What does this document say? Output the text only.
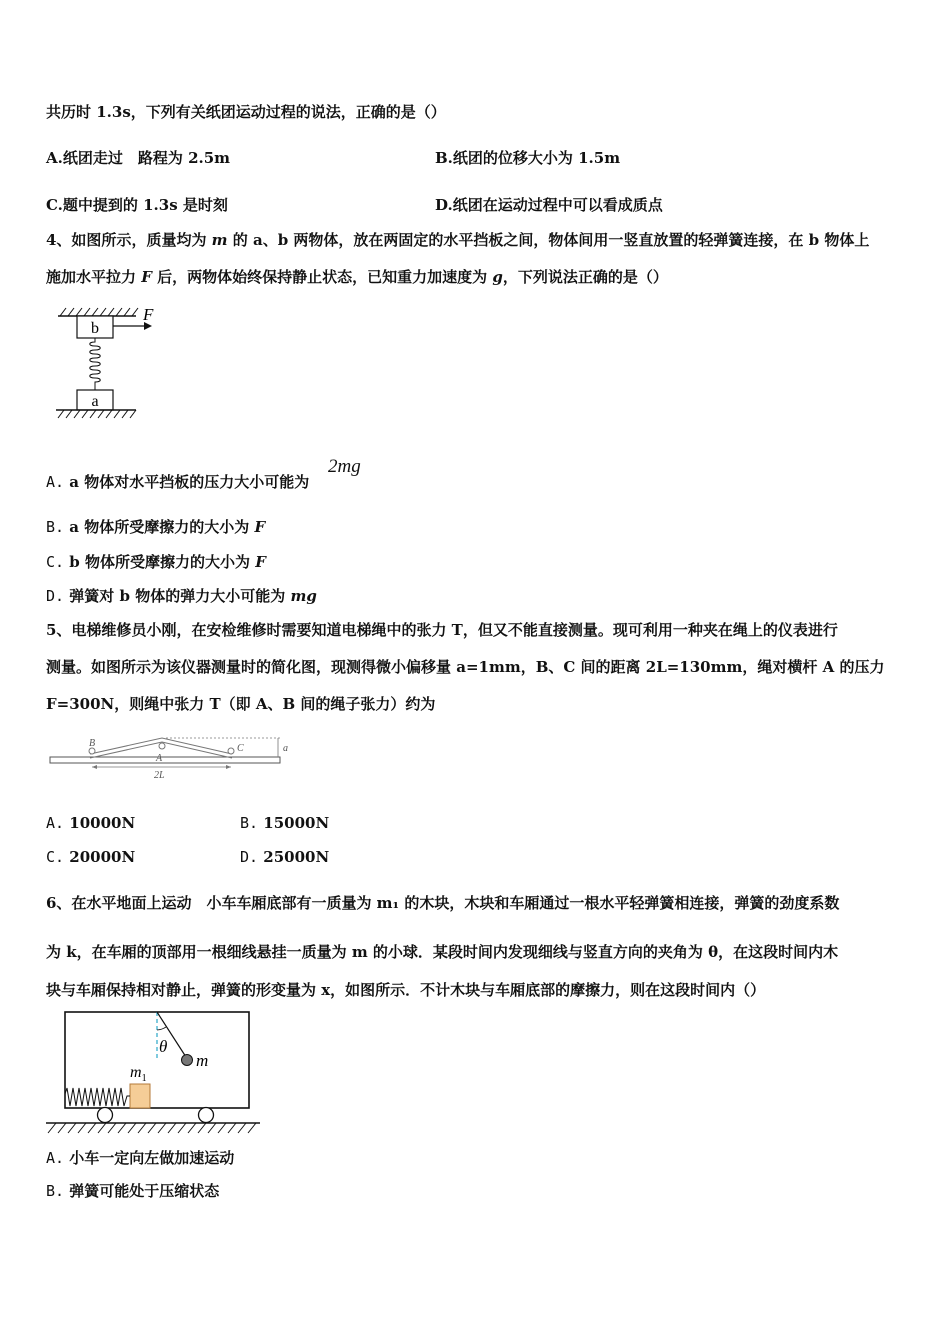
共历时 1.3s，下列有关纸团运动过程的说法，正确的是（）
A.纸团走过　路程为 2.5m	B.纸团的位移大小为 1.5m
C.题中提到的 1.3s 是时刻	D.纸团在运动过程中可以看成质点
4、如图所示，质量均为 m 的 a、b 两物体，放在两固定的水平挡板之间，物体间用一竖直放置的轻弹簧连接，在 b 物体上
施加水平拉力 F 后，两物体始终保持静止状态，已知重力加速度为 g，下列说法正确的是（）
b
F
a
A. a 物体对水平挡板的压力大小可能为
2mg
B. a 物体所受摩擦力的大小为 F
C. b 物体所受摩擦力的大小为 F
D. 弹簧对 b 物体的弹力大小可能为 mg
5、电梯维修员小刚，在安检维修时需要知道电梯绳中的张力 T，但又不能直接测量。现可利用一种夹在绳上的仪表进行
测量。如图所示为该仪器测量时的简化图，现测得微小偏移量 a=1mm，B、C 间的距离 2L=130mm，绳对横杆 A 的压力
F=300N，则绳中张力 T（即 A、B 间的绳子张力）约为
B
A
C	a
2L
A. 10000N	B. 15000N
C. 20000N	D. 25000N
6、在水平地面上运动　小车车厢底部有一质量为 m₁ 的木块，木块和车厢通过一根水平轻弹簧相连接，弹簧的劲度系数
为 k，在车厢的顶部用一根细线悬挂一质量为 m 的小球．某段时间内发现细线与竖直方向的夹角为 θ，在这段时间内木
块与车厢保持相对静止，弹簧的形变量为 x，如图所示．不计木块与车厢底部的摩擦力，则在这段时间内（）
θ
m
$m_1$
A. 小车一定向左做加速运动
B. 弹簧可能处于压缩状态
